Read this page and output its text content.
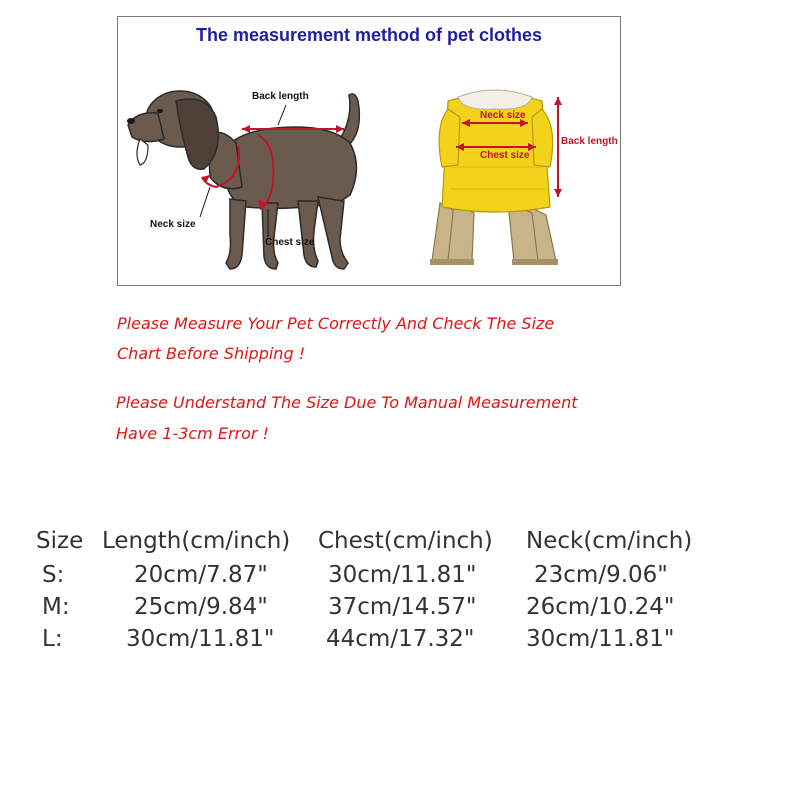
The measurement method of pet clothes
Back length
Neck size
Chest size
Neck size
Chest size
Back length
Please Measure Your Pet Correctly And Check The Size
Chart Before Shipping !
Please Understand The Size Due To Manual Measurement
Have 1-3cm Error !
Size Length(cm/inch) Chest(cm/inch) Neck(cm/inch)
S:	20cm/7.87"	30cm/11.81"	23cm/9.06"
M:	25cm/9.84"	37cm/14.57" 26cm/10.24"
L:	30cm/11.81" 44cm/17.32" 30cm/11.81"
